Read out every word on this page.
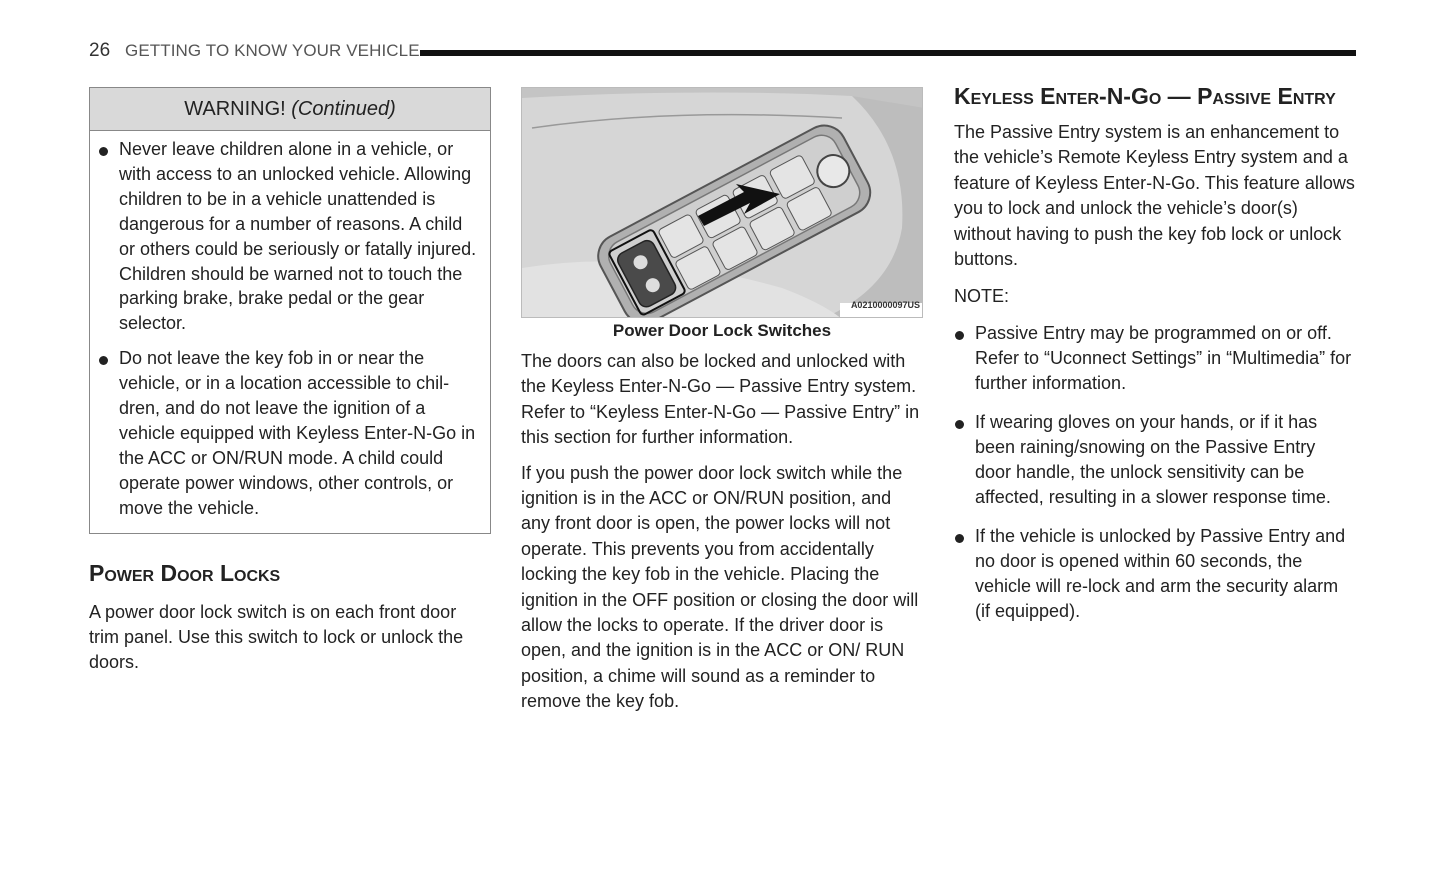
26 GETTING TO KNOW YOUR VEHICLE
WARNING! (Continued)
Never leave children alone in a vehicle, or with access to an unlocked vehicle. Allowing children to be in a vehicle unattended is dangerous for a number of reasons. A child or others could be seriously or fatally injured. Children should be warned not to touch the parking brake, brake pedal or the gear selector.
Do not leave the key fob in or near the vehicle, or in a location accessible to children, and do not leave the ignition of a vehicle equipped with Keyless Enter-N-Go in the ACC or ON/RUN mode. A child could operate power windows, other controls, or move the vehicle.
Power Door Locks

A power door lock switch is on each front door trim panel. Use this switch to lock or unlock the doors.

A0210000097US
Power Door Lock Switches

The doors can also be locked and unlocked with the Keyless Enter-N-Go — Passive Entry system. Refer to “Keyless Enter-N-Go — Passive Entry” in this section for further information.

If you push the power door lock switch while the ignition is in the ACC or ON/RUN position, and any front door is open, the power locks will not operate. This prevents you from accidentally locking the key fob in the vehicle. Placing the ignition in the OFF position or closing the door will allow the locks to operate. If the driver door is open, and the ignition is in the ACC or ON/ RUN position, a chime will sound as a reminder to remove the key fob.

Keyless Enter-N-Go — Passive Entry

The Passive Entry system is an enhancement to the vehicle’s Remote Keyless Entry system and a feature of Keyless Enter-N-Go. This feature allows you to lock and unlock the vehicle’s door(s) without having to push the key fob lock or unlock buttons.

NOTE:
Passive Entry may be programmed on or off. Refer to “Uconnect Settings” in “Multimedia” for further information.
If wearing gloves on your hands, or if it has been raining/snowing on the Passive Entry door handle, the unlock sensitivity can be affected, resulting in a slower response time.
If the vehicle is unlocked by Passive Entry and no door is opened within 60 seconds, the vehicle will re-lock and arm the security alarm (if equipped).
